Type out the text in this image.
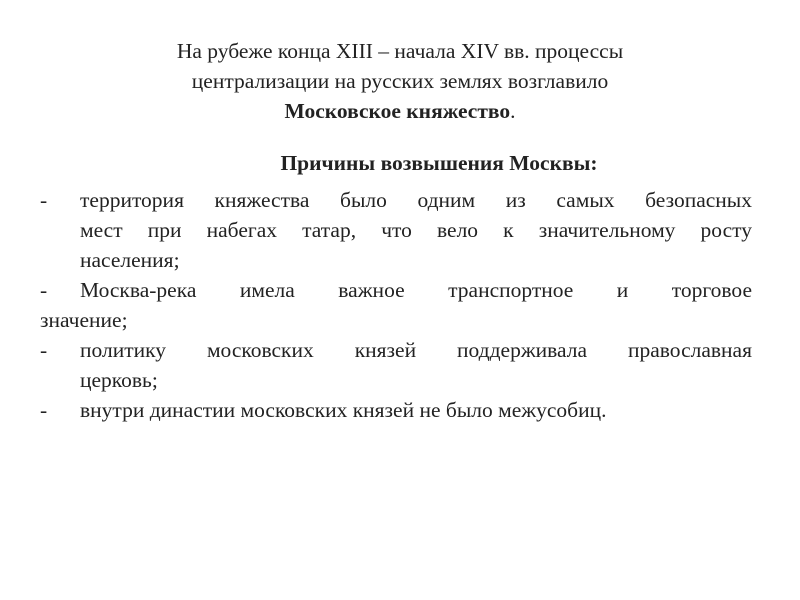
На рубеже конца XIII – начала XIV вв. процессы
централизации на русских землях возглавило
Московское княжество.
Причины возвышения Москвы:
-	территория княжества было одним из самых безопасных
мест при набегах татар, что вело к значительному росту
населения;
-	Москва-река имела важное транспортное и торговое
значение;
-	политику московских князей поддерживала православная
церковь;
-	внутри династии московских князей не было межусобиц.
